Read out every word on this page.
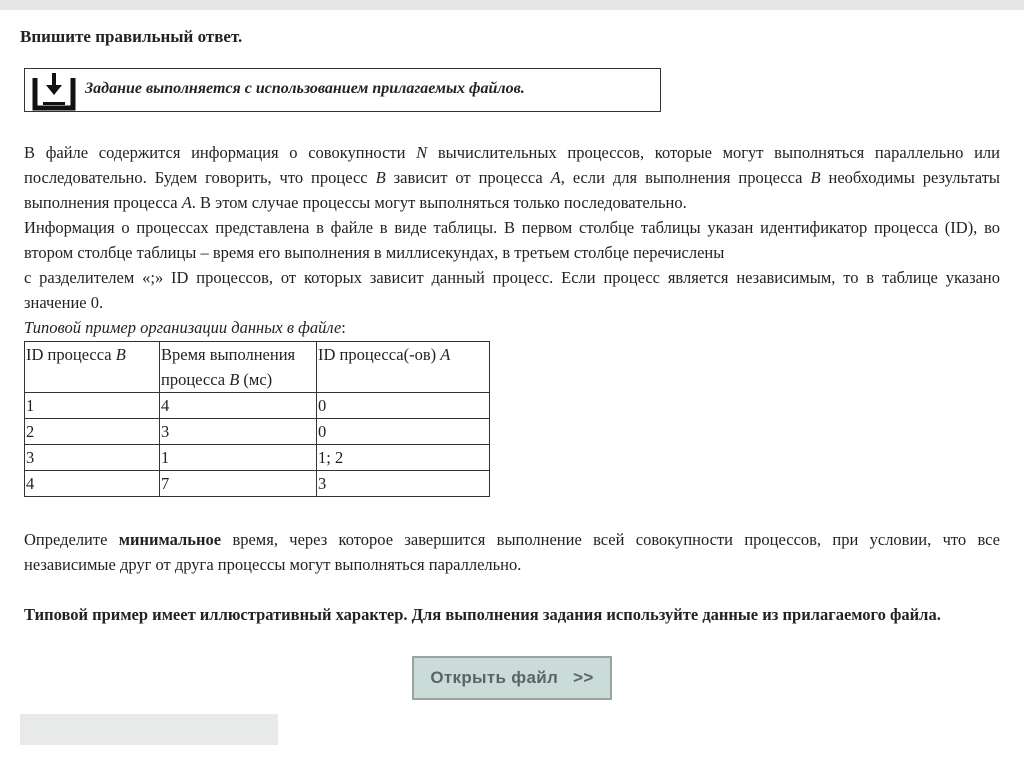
Впишите правильный ответ.
Задание выполняется с использованием прилагаемых файлов.

В файле содержится информация о совокупности N вычислительных процессов, которые могут выполняться параллельно или последовательно. Будем говорить, что процесс B зависит от процесса A, если для выполнения процесса B необходимы результаты выполнения процесса A. В этом случае процессы могут выполняться только последовательно.

Информация о процессах представлена в файле в виде таблицы. В первом столбце таблицы указан идентификатор процесса (ID), во втором столбце таблицы – время его выполнения в миллисекундах, в третьем столбце перечислены

с разделителем «;» ID процессов, от которых зависит данный процесс. Если процесс является независимым, то в таблице указано значение 0.

Типовой пример организации данных в файле:

ID процесса B	Время выполнения процесса B (мс)	ID процесса(-ов) A
1	4	0
2	3	0
3	1	1; 2
4	7	3
Определите минимальное время, через которое завершится выполнение всей совокупности процессов, при условии, что все независимые друг от друга процессы могут выполняться параллельно.
Типовой пример имеет иллюстративный характер. Для выполнения задания используйте данные из прилагаемого файла.
Открыть файл   >>
